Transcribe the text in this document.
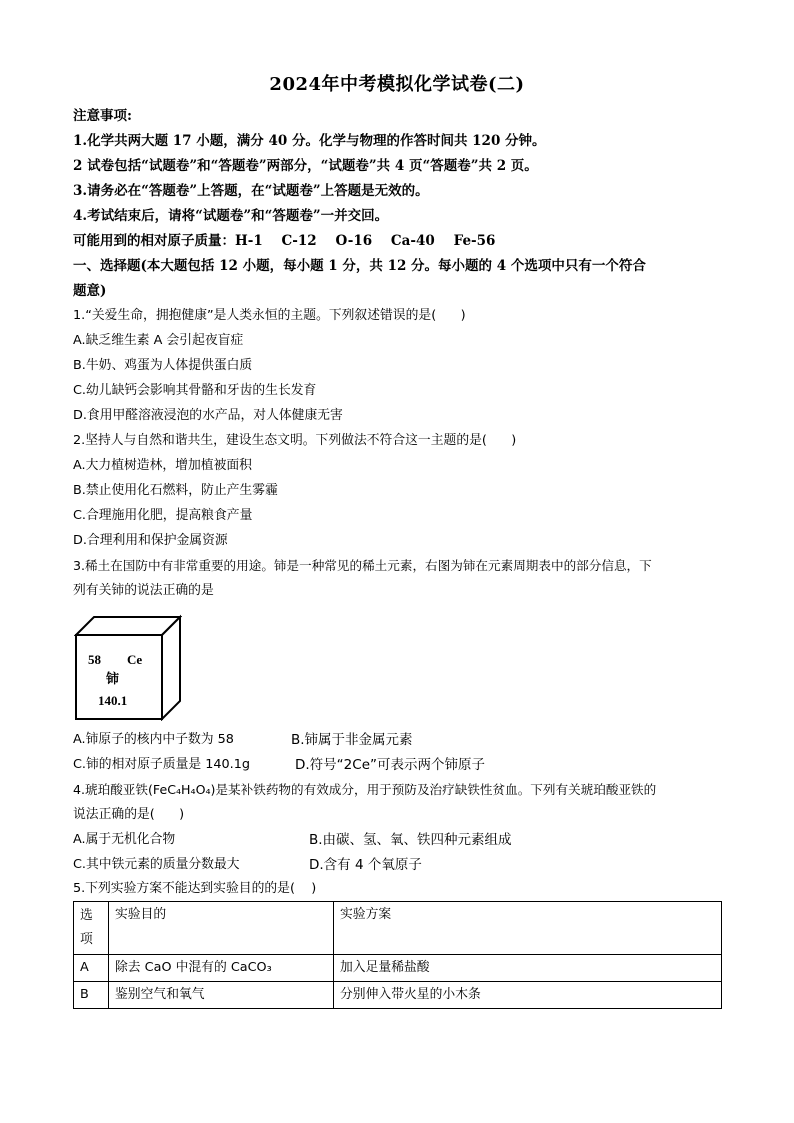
2024年中考模拟化学试卷(二)
注意事项:
1.化学共两大题 17 小题，满分 40 分。化学与物理的作答时间共 120 分钟。
2 试卷包括“试题卷”和“答题卷”两部分，“试题卷”共 4 页“答题卷”共 2 页。
3.请务必在“答题卷”上答题，在“试题卷”上答题是无效的。
4.考试结束后，请将“试题卷”和“答题卷”一并交回。
可能用到的相对原子质量：H-1    C-12    O-16    Ca-40    Fe-56
一、选择题(本大题包括 12 小题，每小题 1 分，共 12 分。每小题的 4 个选项中只有一个符合
题意)
1.“关爱生命，拥抱健康”是人类永恒的主题。下列叙述错误的是(      )
A.缺乏维生素 A 会引起夜盲症
B.牛奶、鸡蛋为人体提供蛋白质
C.幼儿缺钙会影响其骨骼和牙齿的生长发育
D.食用甲醛溶液浸泡的水产品，对人体健康无害
2.坚持人与自然和谐共生，建设生态文明。下列做法不符合这一主题的是(      )
A.大力植树造林，增加植被面积
B.禁止使用化石燃料，防止产生雾霾
C.合理施用化肥，提高粮食产量
D.合理利用和保护金属资源
3.稀土在国防中有非常重要的用途。铈是一种常见的稀土元素，右图为铈在元素周期表中的部分信息，下
列有关铈的说法正确的是
58 Ce
铈
140.1
A.铈原子的核内中子数为 58	B.铈属于非金属元素
C.铈的相对原子质量是 140.1g	D.符号“2Ce”可表示两个铈原子
4.琥珀酸亚铁(FeC₄H₄O₄)是某补铁药物的有效成分，用于预防及治疗缺铁性贫血。下列有关琥珀酸亚铁的
说法正确的是(      )
A.属于无机化合物	B.由碳、氢、氧、铁四种元素组成
C.其中铁元素的质量分数最大	D.含有 4 个氧原子
5.下列实验方案不能达到实验目的的是(    )
选项	实验目的	实验方案
A	除去 CaO 中混有的 CaCO₃	加入足量稀盐酸
B	鉴别空气和氧气	分别伸入带火星的小木条
